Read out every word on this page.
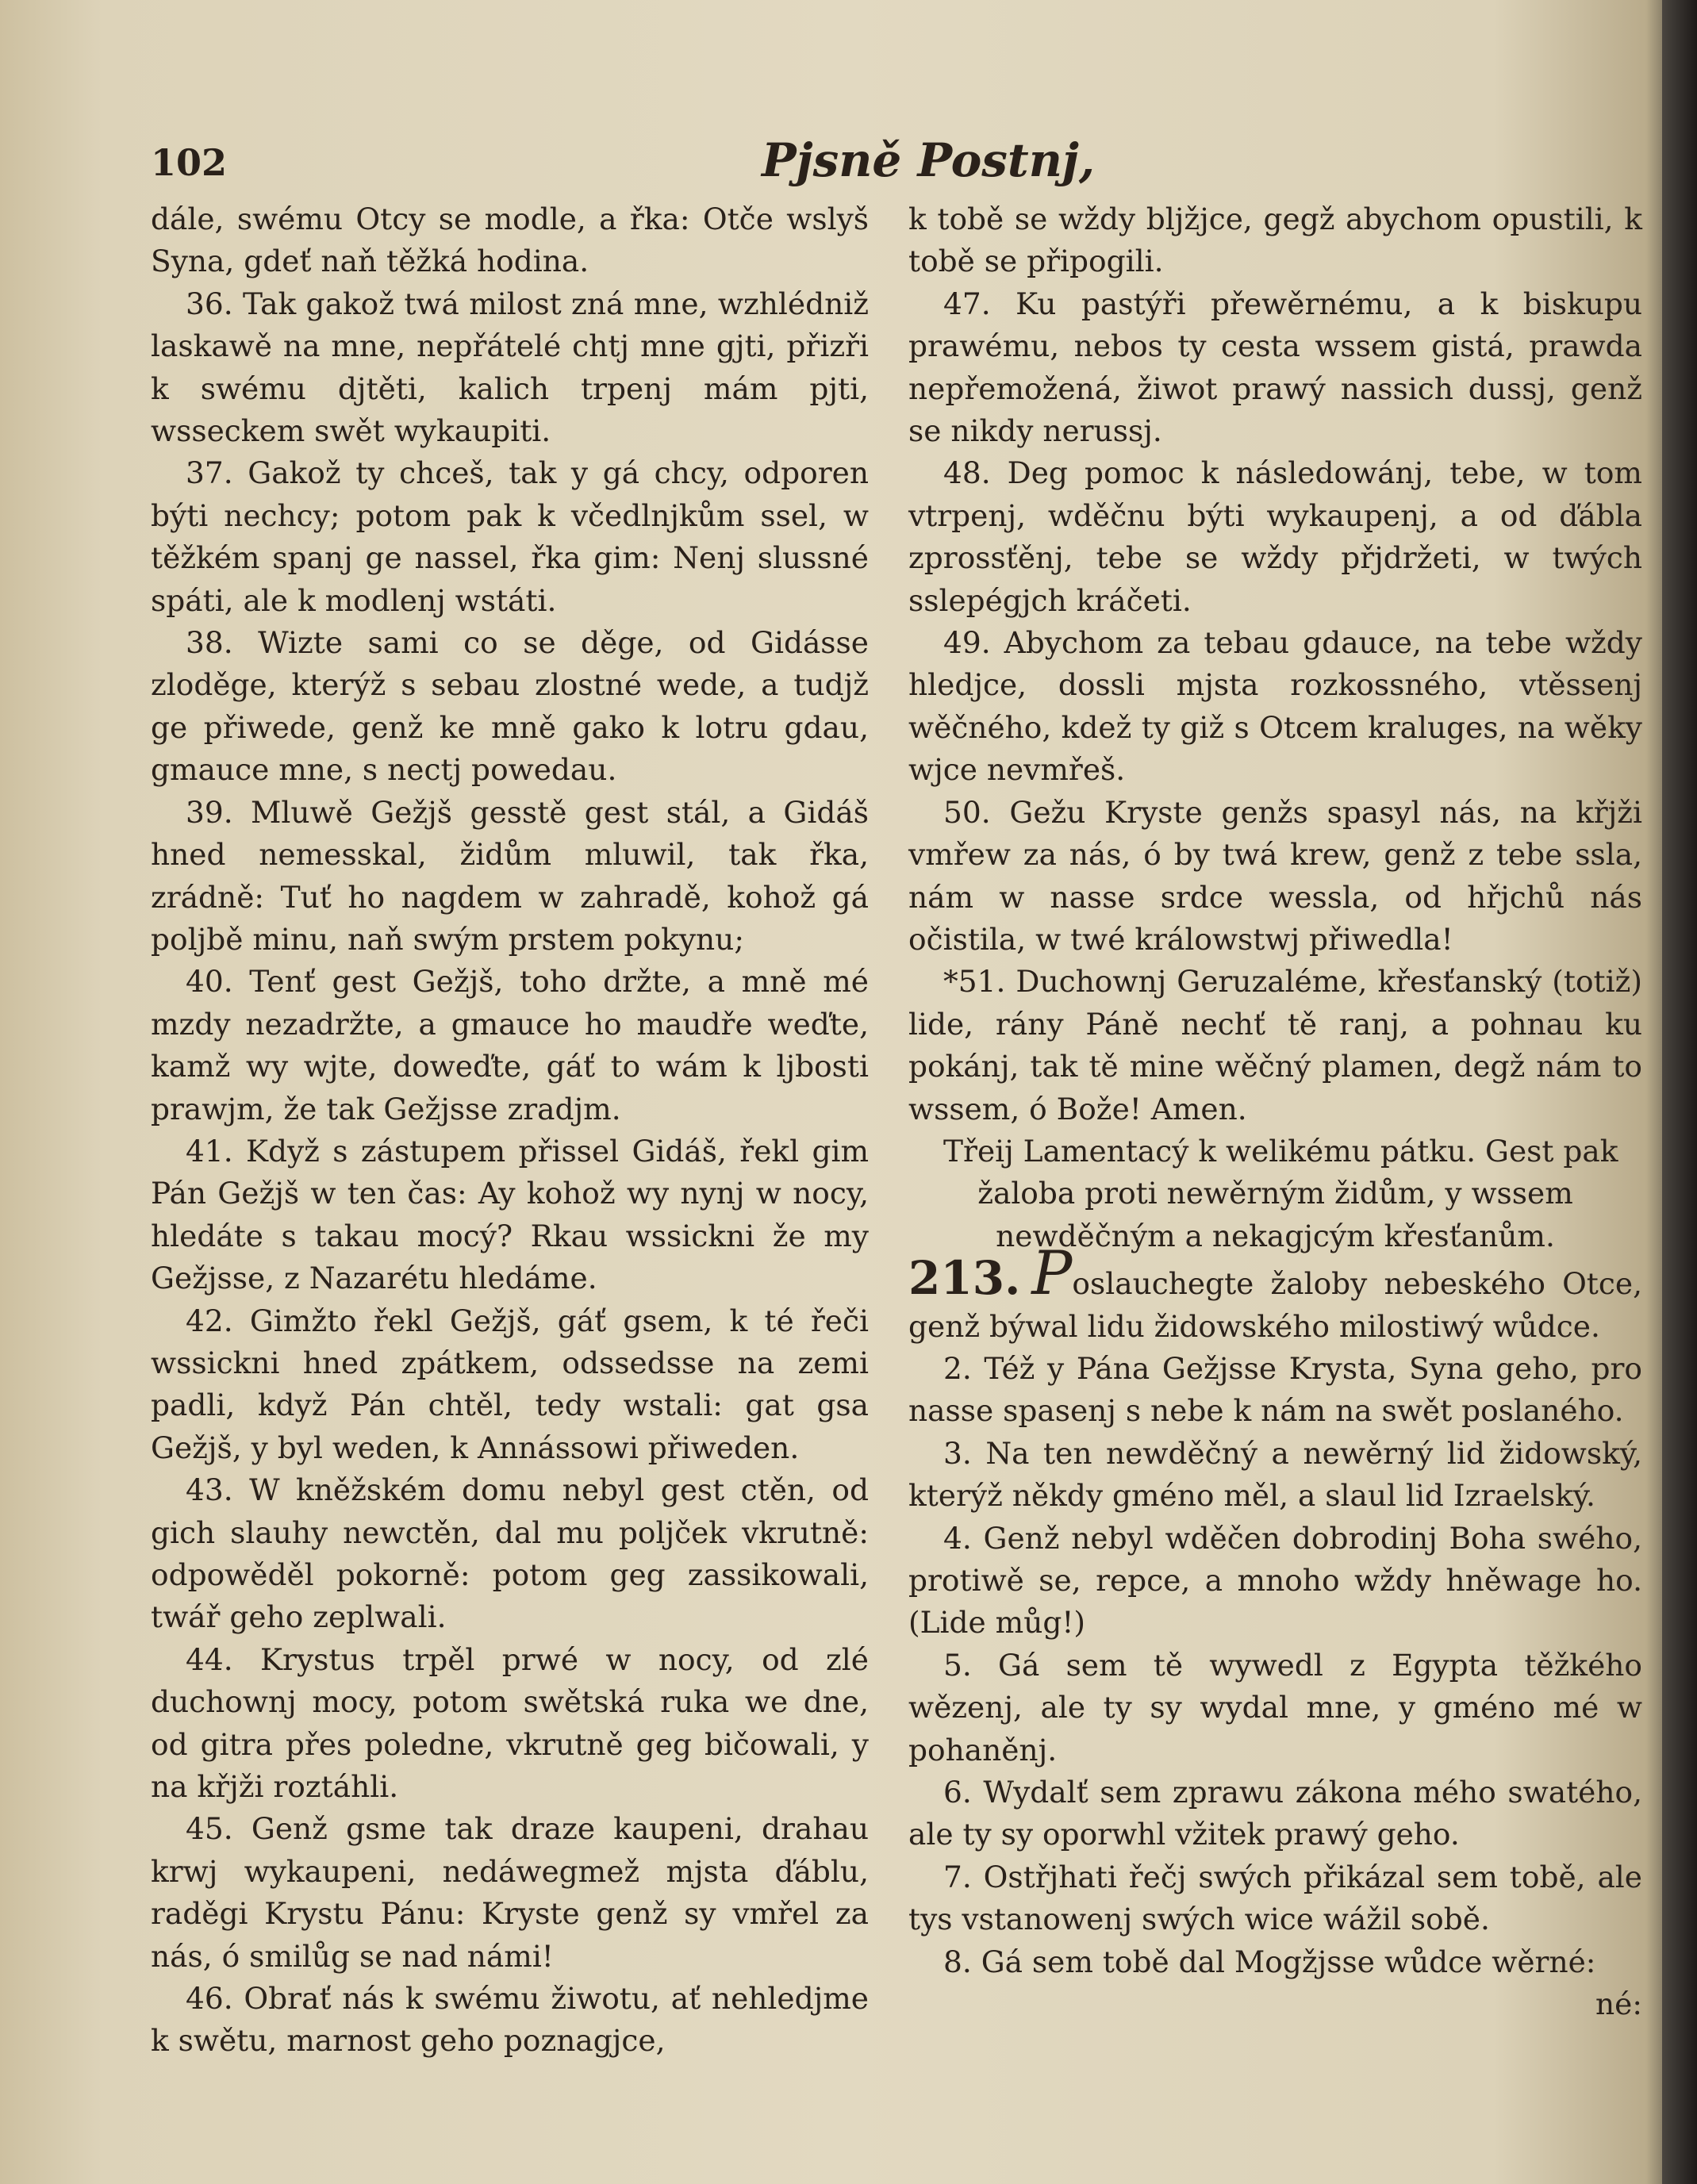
102	Pjsně Postnj,

dále, swému Otcy se modle, a řka: Otče wslyš Syna, gdeť naň těžká hodina.

36. Tak gakož twá milost zná mne, wzhlédniž laskawě na mne, nepřátelé chtj mne gjti, přizři k swému djtěti, kalich trpenj mám pjti, wsseckem swět wykaupiti.

37. Gakož ty chceš, tak y gá chcy, odporen býti nechcy; potom pak k včedlnjkům ssel, w těžkém spanj ge nassel, řka gim: Nenj slussné spáti, ale k modlenj wstáti.

38. Wizte sami co se děge, od Gidásse zloděge, kterýž s sebau zlostné wede, a tudjž ge přiwede, genž ke mně gako k lotru gdau, gmauce mne, s nectj powedau.

39. Mluwě Gežjš gesstě gest stál, a Gidáš hned nemesskal, židům mluwil, tak řka, zrádně: Tuť ho nagdem w zahradě, kohož gá poljbě minu, naň swým prstem pokynu;

40. Tenť gest Gežjš, toho držte, a mně mé mzdy nezadržte, a gmauce ho maudře weďte, kamž wy wjte, doweďte, gáť to wám k ljbosti prawjm, že tak Gežjsse zradjm.

41. Když s zástupem přissel Gidáš, řekl gim Pán Gežjš w ten čas: Ay kohož wy nynj w nocy, hledáte s takau mocý? Rkau wssickni že my Gežjsse, z Nazarétu hledáme.

42. Gimžto řekl Gežjš, gáť gsem, k té řeči wssickni hned zpátkem, odssedsse na zemi padli, když Pán chtěl, tedy wstali: gat gsa Gežjš, y byl weden, k Annássowi přiweden.

43. W kněžském domu nebyl gest ctěn, od gich slauhy newctěn, dal mu poljček vkrutně: odpowěděl pokorně: potom geg zassikowali, twář geho zeplwali.

44. Krystus trpěl prwé w nocy, od zlé duchownj mocy, potom swětská ruka we dne, od gitra přes poledne, vkrutně geg bičowali, y na křjži roztáhli.

45. Genž gsme tak draze kaupeni, drahau krwj wykaupeni, nedáwegmež mjsta ďáblu, raděgi Krystu Pánu: Kryste genž sy vmřel za nás, ó smilůg se nad námi!

46. Obrať nás k swému žiwotu, ať nehledjme k swětu, marnost geho poznagjce,

k tobě se wždy bljžjce, gegž abychom opustili, k tobě se připogili.

47. Ku pastýři přewěrnému, a k biskupu prawému, nebos ty cesta wssem gistá, prawda nepřemožená, žiwot prawý nassich dussj, genž se nikdy nerussj.

48. Deg pomoc k následowánj, tebe, w tom vtrpenj, wděčnu býti wykaupenj, a od ďábla zprossťěnj, tebe se wždy přjdržeti, w twých sslepégjch kráčeti.

49. Abychom za tebau gdauce, na tebe wždy hledjce, dossli mjsta rozkossného, vtěssenj wěčného, kdež ty giž s Otcem kraluges, na wěky wjce nevmřeš.

50. Gežu Kryste genžs spasyl nás, na křjži vmřew za nás, ó by twá krew, genž z tebe ssla, nám w nasse srdce wessla, od hřjchů nás očistila, w twé králowstwj přiwedla!

*51. Duchownj Geruzaléme, křesťanský (totiž) lide, rány Páně nechť tě ranj, a pohnau ku pokánj, tak tě mine wěčný plamen, degž nám to wssem, ó Bože! Amen.

Třeij Lamentacý k welikému pátku. Gest pak

žaloba proti newěrným židům, y wssem newděčným a nekagjcým křesťanům.

213. Poslauchegte žaloby nebeského Otce, genž býwal lidu židowského milostiwý wůdce.

2. Též y Pána Gežjsse Krysta, Syna geho, pro nasse spasenj s nebe k nám na swět poslaného.

3. Na ten newděčný a newěrný lid židowský, kterýž někdy gméno měl, a slaul lid Izraelský.

4. Genž nebyl wděčen dobrodinj Boha swého, protiwě se, repce, a mnoho wždy hněwage ho. (Lide můg!)

5. Gá sem tě wywedl z Egypta těžkého wězenj, ale ty sy wydal mne, y gméno mé w pohaněnj.

6. Wydalť sem zprawu zákona mého swatého, ale ty sy oporwhl vžitek prawý geho.

7. Ostřjhati řečj swých přikázal sem tobě, ale tys vstanowenj swých wice wážil sobě.

8. Gá sem tobě dal Mogžjsse wůdce wěrné:

né:
